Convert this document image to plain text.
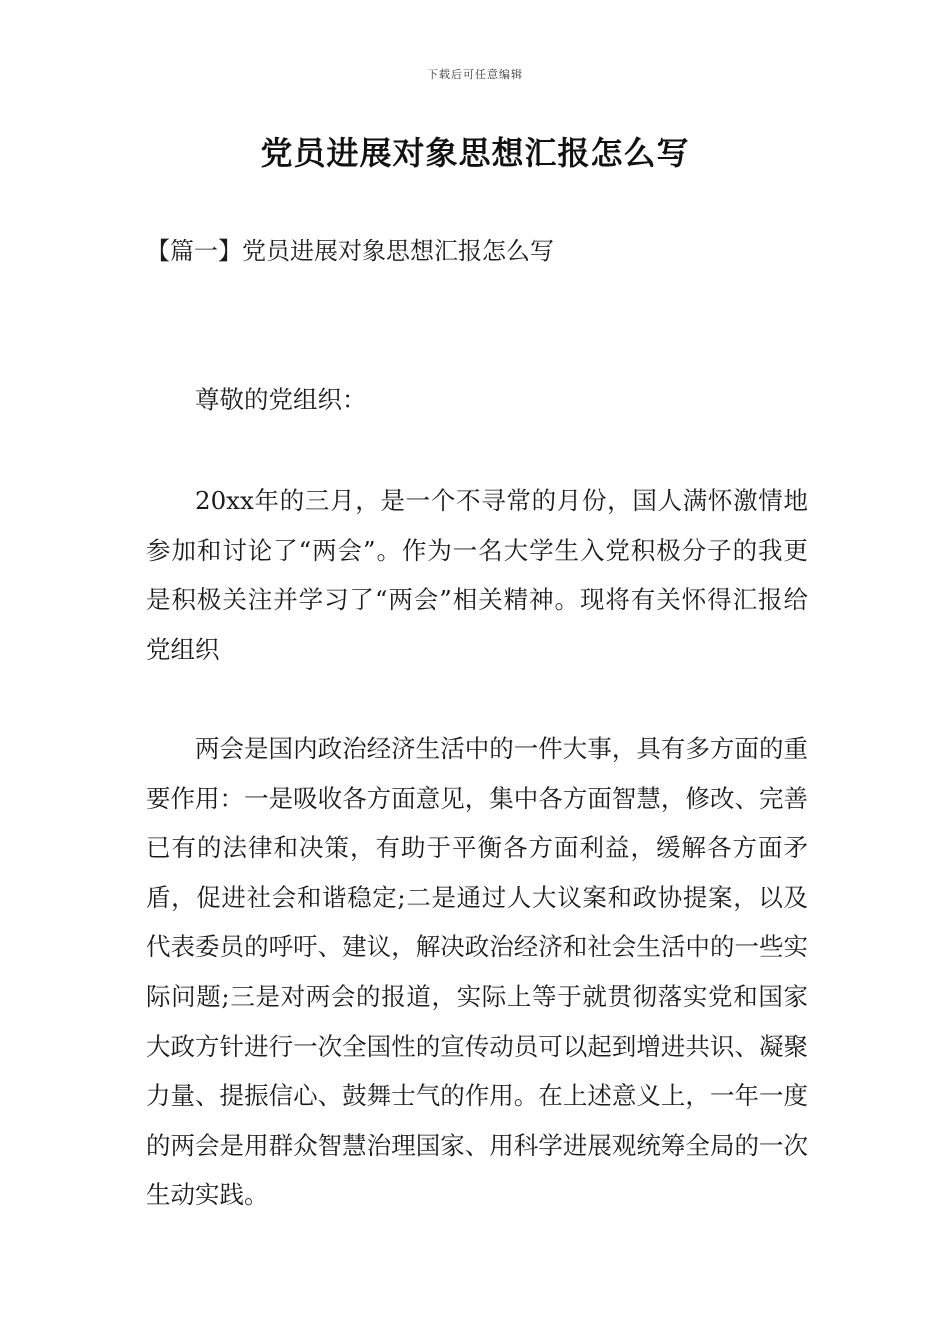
下载后可任意编辑
党员进展对象思想汇报怎么写
【篇一】党员进展对象思想汇报怎么写

尊敬的党组织：

20xx年的三月，是一个不寻常的月份，国人满怀激情地参加和讨论了“两会”。作为一名大学生入党积极分子的我更是积极关注并学习了“两会”相关精神。现将有关怀得汇报给党组织

两会是国内政治经济生活中的一件大事，具有多方面的重要作用：一是吸收各方面意见，集中各方面智慧，修改、完善已有的法律和决策，有助于平衡各方面利益，缓解各方面矛盾，促进社会和谐稳定;二是通过人大议案和政协提案，以及代表委员的呼吁、建议，解决政治经济和社会生活中的一些实际问题;三是对两会的报道，实际上等于就贯彻落实党和国家大政方针进行一次全国性的宣传动员可以起到增进共识、凝聚力量、提振信心、鼓舞士气的作用。在上述意义上，一年一度的两会是用群众智慧治理国家、用科学进展观统筹全局的一次生动实践。
